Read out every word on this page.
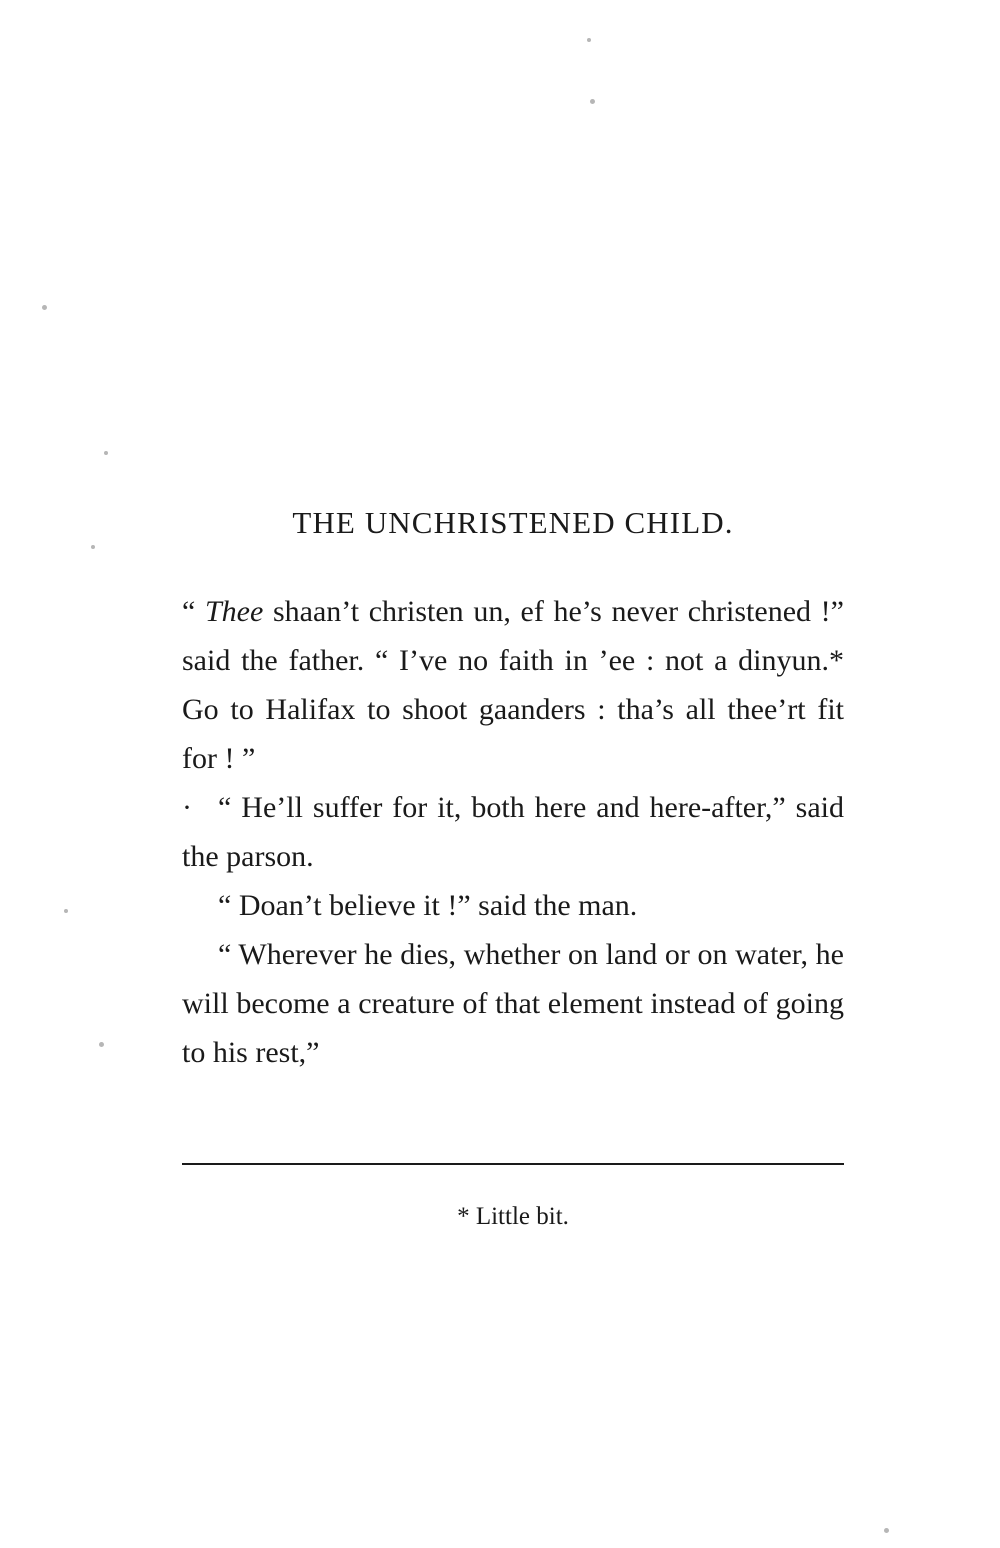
THE UNCHRISTENED CHILD.

“ Thee shaan’t christen un, ef he’s never christened !” said the father. “ I’ve no faith in ’ee : not a dinyun.* Go to Halifax to shoot gaanders : tha’s all thee’rt fit for ! ”

· “ He’ll suffer for it, both here and here-after,” said the parson.

“ Doan’t believe it !” said the man.

“ Wherever he dies, whether on land or on water, he will become a creature of that element instead of going to his rest,”

* Little bit.
